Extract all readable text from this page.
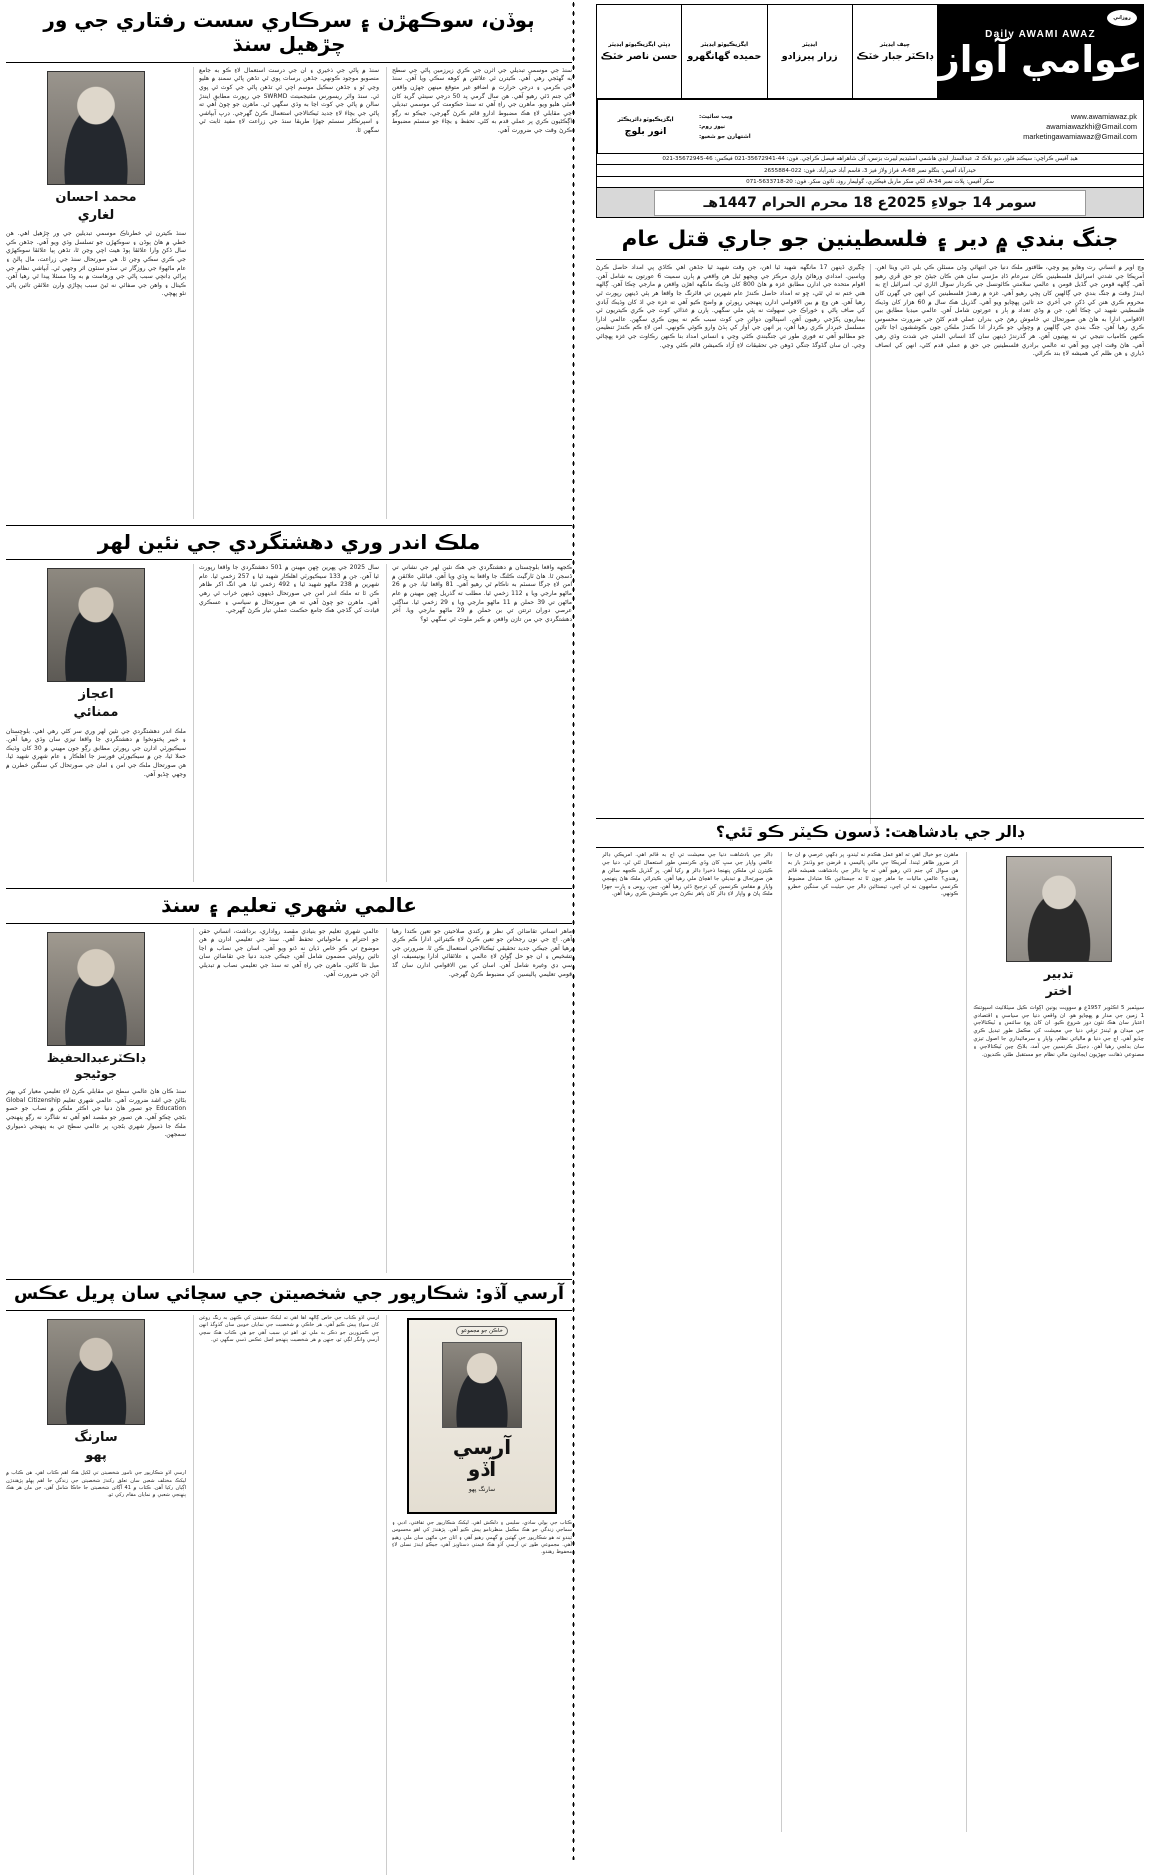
روزاني
Daily AWAMI AWAZ
عوامي آواز
چيف ايڊيٽر
ڊاڪٽر جبار خٽڪ
ايڊيٽر
زرار پيرزادو
ايگزيڪيوٽو ايڊيٽر
حميده گهانگهرو
ڊپٽي ايگزيڪيوٽو ايڊيٽر
حسن ناصر خٽڪ
www.awamiawaz.pk
ويب سائيٽ:
awamiawazkhi@Gmail.com
نيوز روم:
marketingawamiawaz@Gmail.com
اشتهارن جو شعبو:
ايگزيڪيوٽو ڊائريڪٽر
انور بلوچ
هيڊ آفيس ڪراچي: سيڪنڊ فلور، ديو بلاڪ 2، عبدالستار ايڊي هاشمي اسٽيڊيم ليبرٽ بزنس، آف شاهراهه فيصل ڪراچي. فون: 44-35672941-021 فيڪس: 46-35672945-021
حيدرآباد آفيس: بنگلو نمبر A-68، فراز ولاز فيز 3، قاسم آباد حيدرآباد. فون: 022-2655884
سکر آفيس: پلاٽ نمبر A-34، لکي سکر ماربل فيڪٽري، گوليمار روڊ، ٽائون سکر. فون: 20-5633718-071
سومر 14 جولاءِ 2025ع 18 محرم الحرام 1447هـ
جنگ بندي ۾ دير ۽ فلسطينين جو جاري قتل عام
وڃ اوير ۾ انساني رت وهايو پيو وڃي، طاقتور ملڪ دنيا جي انتهائي وڏن مسئلن ڪي بلي ڏئي ويٺا آهن. آمريڪا جي شدتي اسرائيل فلسطينين ڪان سرعام ڏاڍ مڙسي سان هنن ڪان جيئڻ جو حق ڦري رهيو آهي. ڳالهه قومن جي گڏيل قومن ۽ عالمي سلامتي ڪائونسل جي ڪردار سوال اٿاري ٿي. اسرائيل اڄ به ايندڙ وقت ۾ جنگ بندي جي ڳالهين کان ڀڄي رهيو آهي. غزه ۾ رهندڙ فلسطينين کي انهن جي گهرن کان محروم ڪري هنن کي ڏکن جي آخري حد تائين پهچايو ويو آهي. گذريل هڪ سال ۾ 60 هزار کان وڌيڪ فلسطيني شهيد ٿي چڪا آهن، جن ۾ وڏي تعداد ۾ ٻار ۽ عورتون شامل آهن. عالمي ميڊيا مطابق بين الاقوامي ادارا به هاڻ هن صورتحال تي خاموش رهڻ جي بدران عملي قدم کڻڻ جي ضرورت محسوس ڪري رهيا آهن. جنگ بندي جي ڳالهين ۾ وچولي جو ڪردار ادا ڪندڙ ملڪن جون ڪوششون اڃا تائين ڪنهن ڪامياب نتيجي تي نه پهتيون آهن. هر گذرندڙ ڏينهن سان گڏ انساني المئي جي شدت وڌي رهي آهي. هاڻ وقت اچي ويو آهي ته عالمي برادري فلسطينين جي حق ۾ عملي قدم کڻي، انهن کي انصاف ڏياري ۽ هن ظلم کي هميشه لاءِ بند ڪرائي.
چڱيري ڏينهن 17 مانگهه شهيد ٿيا آهن، جن وقت شهيد ٿيا جڏهن اهي ڪاڏي پي امداد حاصل ڪرڻ وياسين. امدادي ورهائڻ واري مرڪز جي ويجهو ٿيل هن واقعي ۾ ٻارن سميت 6 عورتون به شامل آهن. اقوام متحده جي ادارن مطابق غزه ۾ هاڻ 800 کان وڌيڪ مانگهه اهڙن واقعن ۾ مارجي چڪا آهن. ڳالهه هتي ختم نه ٿي ٿئي، ڇو ته امداد حاصل ڪندڙ عام شهرين تي فائرنگ جا واقعا هر ٻئي ڏينهن رپورٽ ٿي رهيا آهن. هن وچ ۾ بين الاقوامي ادارن پنهنجي رپورٽن ۾ واضح ڪيو آهي ته غزه جي اڌ کان وڌيڪ آبادي کي صاف پاڻي ۽ خوراڪ جي سهولت نه پئي ملي سگهي. ٻارن ۾ غذائي کوٽ جي ڪري ڪيتريون ئي بيماريون پکڙجي رهيون آهن. اسپتالون دوائن جي کوٽ سبب ڪم نه پيون ڪري سگهن. عالمي ادارا مسلسل خبردار ڪري رهيا آهن، پر انهن جي آواز کي ٻڌڻ وارو ڪوئي ڪونهي. امن لاءِ ڪم ڪندڙ تنظيمن جو مطالبو آهي ته فوري طور تي جنگبندي ڪئي وڃي ۽ انساني امداد بنا ڪنهن رڪاوٽ جي غزه پهچائي وڃي. ان سان گڏوگڏ جنگي ڏوهن جي تحقيقات لاءِ آزاد ڪميشن قائم ڪئي وڃي.
ڊالر جي بادشاهت: ڏسون ڪيٽر ڪو ٿئي؟
تدبير
اختر
سيپٽمبر 5 آڪٽوبر 1957ع ۾ سوويت يونين اڳواٽ ڪيل سيٽلائيٽ اسپوتنڪ 1 زمين جي مدار ۾ پهچايو هو. ان واقعي دنيا جي سياسي ۽ اقتصادي اعتبار سان هڪ نئون دور شروع ڪيو. ان کان پوءِ سائنس ۽ ٽيڪنالاجي جي ميدان ۾ ٿيندڙ ترقي دنيا جي معيشت کي مڪمل طور تبديل ڪري ڇڏيو آهي. اڄ جي دنيا ۾ مالياتي نظام، واپار ۽ سرمائيداري جا اصول تيزي سان بدلجي رهيا آهن. ڊجيٽل ڪرنسين جي آمد، بلاڪ چين ٽيڪنالاجي ۽ مصنوعي ذهانت جهڙيون ايجادون مالي نظام جو مستقبل طئي ڪنديون.
ماهرن جو خيال آهي ته اهو عمل هڪدم نه ٿيندو، پر ڊگهي عرصي ۾ ان جا اثر ضرور ظاهر ٿيندا. آمريڪا جي مالي پاليسي ۽ قرضن جو وڌندڙ بار به هن سوال کي جنم ڏئي رهيو آهي ته ڇا ڊالر جي بادشاهت هميشه قائم رهندي؟ عالمي ماليات جا ماهر چون ٿا ته جيستائين ڪا متبادل مضبوط ڪرنسي سامهون نه ٿي اچي، تيستائين ڊالر جي حيثيت کي سنگين خطرو ڪونهي.
ڊالر جي بادشاهت دنيا جي معيشت تي اڄ به قائم آهي. آمريڪي ڊالر عالمي واپار جي سڀ کان وڏي ڪرنسي طور استعمال ٿئي ٿي. دنيا جي ڪيترن ئي ملڪن پنهنجا ذخيرا ڊالر ۾ رکيا آهن. پر گذريل ڪجهه سالن ۾ هن صورتحال ۾ تبديلي جا اهڃاڻ ملي رهيا آهن. ڪيترائي ملڪ هاڻ پنهنجي واپار ۾ مقامي ڪرنسين کي ترجيح ڏئي رهيا آهن. چين، روس ۽ ڀارت جهڙا ملڪ پاڻ ۾ واپار لاءِ ڊالر کان ٻاهر نڪرڻ جي ڪوشش ڪري رهيا آهن.
ٻوڏن، سوڪهڙن ۽ سرڪاري سست رفتاري جي ور چڙهيل سنڌ
سنڌ جي موسمي تبديلي جي اثرن جي ڪري زيرزمين پاڻي جي سطح به گهٽجي رهي آهي. ڪيترن ئي علائقن ۾ کوهه سڪي ويا آهن. سنڌ جي ڪرمي ۽ درجي حرارت ۾ اضافو غير متوقع مينهن جهڙن واقعن کي جنم ڏئي رهيو آهي. هن سال گرمي پد 50 درجي سينٽي گريڊ کان مٿي هليو ويو. ماهرن جي راءِ آهي ته سنڌ حڪومت کي موسمي تبديلي جي مقابلي لاءِ هڪ مضبوط ادارو قائم ڪرڻ گهرجي، جيڪو نه رڳو اڳڪٿيون ڪري پر عملي قدم به کڻي. تحفظ ۽ بچاءَ جو سسٽم مضبوط ڪرڻ وقت جي ضرورت آهي.
سنڌ ۾ پاڻي جي ذخيري ۽ ان جي درست استعمال لاءِ ڪو به جامع منصوبو موجود ڪونهي. جڏهن برسات پوي ٿي تڏهن پاڻي سمنڊ ۾ هليو وڃي ٿو ۽ جڏهن سڪيل موسم اچي ٿي تڏهن پاڻي جي کوٽ ٿي پوي ٿي. سنڌ واٽر ريسورس مئنيجمينٽ SWRMD جي رپورٽ مطابق ايندڙ سالن ۾ پاڻي جي کوٽ اڃا به وڌي سگهي ٿي. ماهرن جو چوڻ آهي ته پاڻي جي بچاءَ لاءِ جديد ٽيڪنالاجي استعمال ڪرڻ گهرجي. ڊرپ آبپاشي ۽ اسپرنڪلر سسٽم جهڙا طريقا سنڌ جي زراعت لاءِ مفيد ثابت ٿي سگهن ٿا.
محمد احسان
لغاري
سنڌ ڪيترن ئي خطرناڪ موسمي تبديلين جي ور چڙهيل آهي. هن خطي ۾ هاڻ ٻوڏن ۽ سوڪهڙن جو تسلسل وڌي ويو آهي. جڏهن ڪي سال ڏکڻ وارا علائقا ٻوڏ هيٺ اچي وڃن ٿا، تڏهن ٻيا علائقا سوڪهڙي جي ڪري سڪي وڃن ٿا. هي صورتحال سنڌ جي زراعت، مال پالڻ ۽ عام ماڻهوءَ جي روزگار تي سڌو سنئون اثر وجهي ٿي. آبپاشي نظام جي پراڻي ڍانچي سبب پاڻي جي ورهاست ۾ به وڏا مسئلا پيدا ٿي رهيا آهن. ڪينال ۽ واهن جي صفائي نه ٿيڻ سبب پڇاڙي وارن علائقن تائين پاڻي نٿو پهچي.
ملڪ اندر وري دهشتگردي جي نئين لهر
ڪجهه واقعا بلوچستان ۾ دهشتگردي جي هڪ نئين لهر جي نشاني تي ڏسجن ٿا. هاڻ ٽارگيٽ ڪلنگ جا واقعا به وڌي ويا آهن. قبائلي علائقن ۾ امن لاءِ جرگا سسٽم به ناڪام ٿي رهيو آهي. 81 واقعا ٿيا، جن ۾ 26 ماڻهو مارجي ويا ۽ 112 زخمي ٿيا. مطلب ته گذريل ڇهن مهينن ۾ عام ماڻهن تي 39 حملن ۾ 11 ماڻهو مارجي ويا ۽ 29 زخمي ٿيا. ساڳئي عرصي دوران ترتتن تي بن حملن ۾ 29 ماڻهو مارجي ويا. آخر دهشتگردي جي من تازن واقعن ۾ ڪير ملوث ٿي سگهي ٿو؟
سال 2025 جي پهرين ڇهن مهينن ۾ 501 دهشتگردي جا واقعا رپورٽ ٿيا آهن. جن ۾ 133 سيڪيورٽي اهلڪار شهيد ٿيا ۽ 257 زخمي ٿيا. عام شهرين ۾ 238 ماڻهو شهيد ٿيا ۽ 492 زخمي ٿيا. هي انگ اکر ظاهر ڪن ٿا ته ملڪ اندر امن جي صورتحال ڏينهون ڏينهن خراب ٿي رهي آهي. ماهرن جو چوڻ آهي ته هن صورتحال ۾ سياسي ۽ عسڪري قيادت کي گڏجي هڪ جامع حڪمت عملي تيار ڪرڻ گهرجي.
اعجاز
ممنائي
ملڪ اندر دهشتگردي جي نئين لهر وري سر کڻي رهي آهي. بلوچستان ۽ خيبر پختونخوا ۾ دهشتگردي جا واقعا تيزي سان وڌي رهيا آهن. سيڪيورٽي ادارن جي رپورٽن مطابق رڳو جون مهيني ۾ 30 کان وڌيڪ حملا ٿيا، جن ۾ سيڪيورٽي فورسز جا اهلڪار ۽ عام شهري شهيد ٿيا. هن صورتحال ملڪ جي امن ۽ امان جي صورتحال کي سنگين خطرن ۾ وجهي ڇڏيو آهي.
عالمي شهري تعليم ۽ سنڌ
ماهر انساني تقاضائن کي نظر ۾ رکندي صلاحيتن جو تعين ڪندا رهيا آهن. اڄ جي نون رجحانن جو تعين ڪرڻ لاءِ ڪيترائي ادارا ڪم ڪري رهيا آهن جيڪي جديد تحقيقي ٽيڪنالاجي استعمال ڪن ٿا. ضرورتن جي تشخيص ۽ ان جو حل ڳولڻ لاءِ عالمي ۽ علائقائي ادارا يونيسيف، اي سي ڊي وغيره شامل آهن. اسان کي بين الاقوامي ادارن سان گڏ قومي تعليمي پاليسين کي مضبوط ڪرڻ گهرجي.
عالمي شهري تعليم جو بنيادي مقصد رواداري، برداشت، انساني حقن جو احترام ۽ ماحولياتي تحفظ آهي. سنڌ جي تعليمي ادارن ۾ هن موضوع تي ڪو خاص ڌيان نه ڏنو ويو آهي. اسان جي نصاب ۾ اڃا تائين روايتي مضمون شامل آهن، جيڪي جديد دنيا جي تقاضائن سان ميل نٿا کائين. ماهرن جي راءِ آهي ته سنڌ جي تعليمي نصاب ۾ تبديلي آڻڻ جي ضرورت آهي.
ڊاڪٽرعبدالحفيظ
جوڻيجو
سنڌ ڪان هاڻ عالمي سطح تي مقابلي ڪرڻ لاءِ تعليمي معيار کي بهتر بڻائڻ جي اشد ضرورت آهي. عالمي شهري تعليم Global Citizenship Education جو تصور هاڻ دنيا جي اڪثر ملڪن ۾ نصاب جو حصو بڻجي چڪو آهي. هن تصور جو مقصد اهو آهي ته شاگرد نه رڳو پنهنجي ملڪ جا ذميوار شهري بڻجن، پر عالمي سطح تي به پنهنجي ذميواري سمجهن.
آرسي آڏو: شڪارپور جي شخصيتن جي سچائي سان پريل عڪس
خاڪن جو مجموعو
آرسي
آڏو
سارنگ پهو
ڪتاب جي ٻولي سادي، سليس ۽ دلڪش آهي. ليکڪ شڪارپور جي ثقافتي، ادبي ۽ سماجي زندگي جو هڪ مڪمل منظرنامو پيش ڪيو آهي. پڙهندڙ کي اهو محسوس ٿيندو ته هو شڪارپور جي گهٽين ۾ گهمي رهيو آهي ۽ اتان جي ماڻهن سان ملي رهيو آهي. مجموعي طور تي آرسي آڏو هڪ قيمتي دستاويز آهي، جيڪو ايندڙ نسلن لاءِ محفوظ رهندو.
آرسي آڏو ڪتاب جي خاص ڳالهه اها آهي ته ليکڪ حقيقتن کي ڪنهن به رنگ روغن کان سواءِ پيش ڪيو آهي. هر خاڪي ۾ شخصيت جي نمايان خوبين سان گڏوگڏ انهن جي ڪمزورين جو ذڪر به ملي ٿو. اهو ئي سبب آهي جو هي ڪتاب هڪ سچي آرسي وانگر لڳي ٿو، جنهن ۾ هر شخصيت پنهنجو اصل عڪس ڏسي سگهي ٿي.
سارنگ
پهو
آرسي آڏو شڪارپور جي نامور شخصيتن تي لکيل هڪ اهم ڪتاب آهي. هن ڪتاب ۾ ليکڪ مختلف شعبن سان تعلق رکندڙ شخصيتن جي زندگي جا اهم پهلو پڙهندڙن اڳيان رکيا آهن. ڪتاب ۾ 41 آڳاٽن شخصيتن جا خاڪا شامل آهن، جن مان هر هڪ پنهنجي شعبي ۾ نمايان مقام رکي ٿو.
